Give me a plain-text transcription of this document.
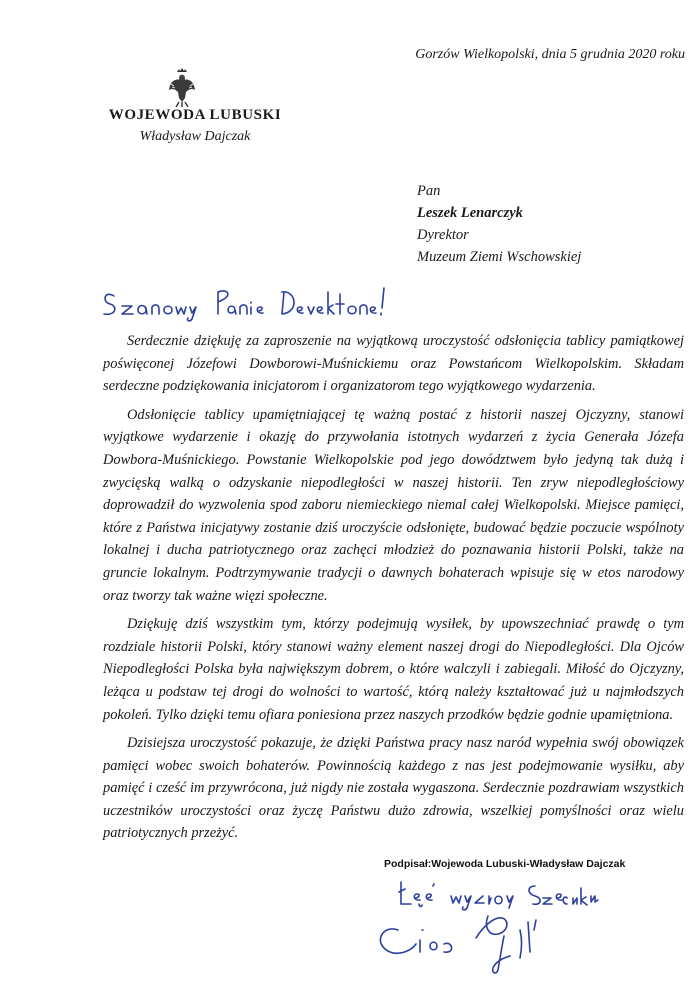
Gorzów Wielkopolski, dnia 5 grudnia 2020 roku
WOJEWODA LUBUSKI
Władysław Dajczak
Pan
Leszek Lenarczyk
Dyrektor
Muzeum Ziemi Wschowskiej

Serdecznie dziękuję za zaproszenie na wyjątkową uroczystość odsłonięcia tablicy pamiątkowej poświęconej Józefowi Dowborowi-Muśnickiemu oraz Powstańcom Wielkopolskim. Składam serdeczne podziękowania inicjatorom i organizatorom tego wyjątkowego wydarzenia.

Odsłonięcie tablicy upamiętniającej tę ważną postać z historii naszej Ojczyzny, stanowi wyjątkowe wydarzenie i okazję do przywołania istotnych wydarzeń z życia Generała Józefa Dowbora-Muśnickiego. Powstanie Wielkopolskie pod jego dowództwem było jedyną tak dużą i zwycięską walką o odzyskanie niepodległości w naszej historii. Ten zryw niepodległościowy doprowadził do wyzwolenia spod zaboru niemieckiego niemal całej Wielkopolski. Miejsce pamięci, które z Państwa inicjatywy zostanie dziś uroczyście odsłonięte, budować będzie poczucie wspólnoty lokalnej i ducha patriotycznego oraz zachęci młodzież do poznawania historii Polski, także na gruncie lokalnym. Podtrzymywanie tradycji o dawnych bohaterach wpisuje się w etos narodowy oraz tworzy tak ważne więzi społeczne.

Dziękuję dziś wszystkim tym, którzy podejmują wysiłek, by upowszechniać prawdę o tym rozdziale historii Polski, który stanowi ważny element naszej drogi do Niepodległości. Dla Ojców Niepodległości Polska była największym dobrem, o które walczyli i zabiegali. Miłość do Ojczyzny, leżąca u podstaw tej drogi do wolności to wartość, którą należy kształtować już u najmłodszych pokoleń. Tylko dzięki temu ofiara poniesiona przez naszych przodków będzie godnie upamiętniona.

Dzisiejsza uroczystość pokazuje, że dzięki Państwa pracy nasz naród wypełnia swój obowiązek pamięci wobec swoich bohaterów. Powinnością każdego z nas jest podejmowanie wysiłku, aby pamięć i cześć im przywrócona, już nigdy nie została wygaszona. Serdecznie pozdrawiam wszystkich uczestników uroczystości oraz życzę Państwu dużo zdrowia, wszelkiej pomyślności oraz wielu patriotycznych przeżyć.

Podpisał:Wojewoda Lubuski-Władysław Dajczak
